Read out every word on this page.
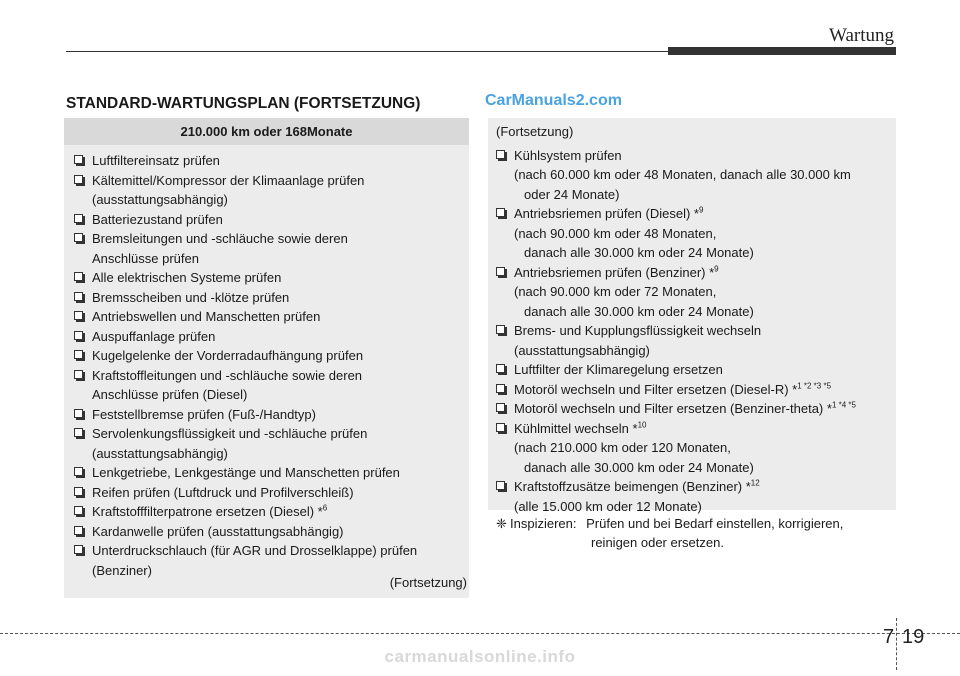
Wartung
STANDARD-WARTUNGSPLAN (FORTSETZUNG)	CarManuals2.com
210.000 km oder 168Monate
Luftfiltereinsatz prüfen
Kältemittel/Kompressor der Klimaanlage prüfen
(ausstattungsabhängig)
Batteriezustand prüfen
Bremsleitungen und -schläuche sowie deren
Anschlüsse prüfen
Alle elektrischen Systeme prüfen
Bremsscheiben und -klötze prüfen
Antriebswellen und Manschetten prüfen
Auspuffanlage prüfen
Kugelgelenke der Vorderradaufhängung prüfen
Kraftstoffleitungen und -schläuche sowie deren
Anschlüsse prüfen (Diesel)
Feststellbremse prüfen (Fuß-/Handtyp)
Servolenkungsflüssigkeit und -schläuche prüfen
(ausstattungsabhängig)
Lenkgetriebe, Lenkgestänge und Manschetten prüfen
Reifen prüfen (Luftdruck und Profilverschleiß)
Kraftstofffilterpatrone ersetzen (Diesel) *$^6$
Kardanwelle prüfen (ausstattungsabhängig)
Unterdruckschlauch (für AGR und Drosselklappe) prüfen
(Benziner)
(Fortsetzung)
(Fortsetzung)
Kühlsystem prüfen
(nach 60.000 km oder 48 Monaten, danach alle 30.000 km
oder 24 Monate)
Antriebsriemen prüfen (Diesel) *$^9$
(nach 90.000 km oder 48 Monaten,
danach alle 30.000 km oder 24 Monate)
Antriebsriemen prüfen (Benziner) *$^9$
(nach 90.000 km oder 72 Monaten,
danach alle 30.000 km oder 24 Monate)
Brems- und Kupplungsflüssigkeit wechseln
(ausstattungsabhängig)
Luftfilter der Klimaregelung ersetzen
Motoröl wechseln und Filter ersetzen (Diesel-R) *$^{1 *2 *3 *5}$
Motoröl wechseln und Filter ersetzen (Benziner-theta) *$^{1 *4 *5}$
Kühlmittel wechseln *$^{10}$
(nach 210.000 km oder 120 Monaten,
danach alle 30.000 km oder 24 Monate)
Kraftstoffzusätze beimengen (Benziner) *$^{12}$
(alle 15.000 km oder 12 Monate)
❈ Inspizieren: Prüfen und bei Bedarf einstellen, korrigieren,
reinigen oder ersetzen.
7 19
carmanualsonline.info
